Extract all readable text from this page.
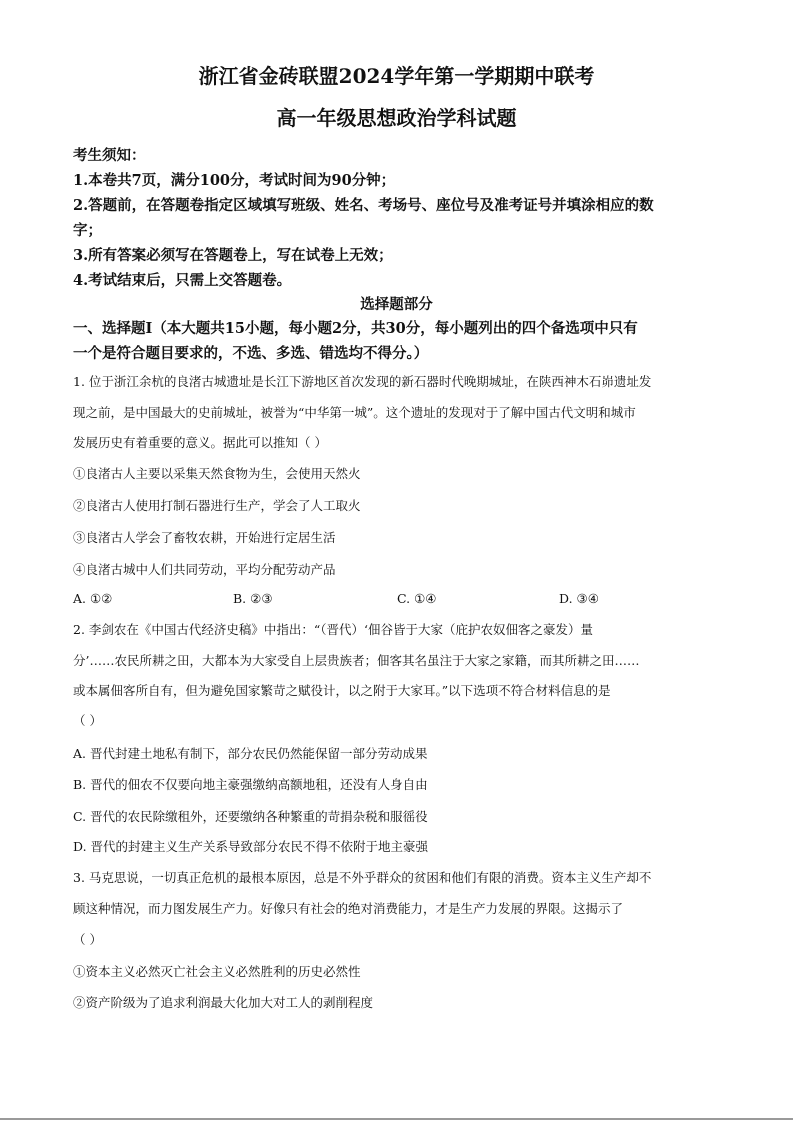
浙江省金砖联盟2024学年第一学期期中联考
高一年级思想政治学科试题
考生须知：
1.本卷共7页，满分100分，考试时间为90分钟；
2.答题前，在答题卷指定区域填写班级、姓名、考场号、座位号及准考证号并填涂相应的数
字；
3.所有答案必须写在答题卷上，写在试卷上无效；
4.考试结束后，只需上交答题卷。
选择题部分
一、选择题Ⅰ（本大题共15小题，每小题2分，共30分，每小题列出的四个备选项中只有
一个是符合题目要求的，不选、多选、错选均不得分。）
1. 位于浙江余杭的良渚古城遗址是长江下游地区首次发现的新石器时代晚期城址，在陕西神木石峁遗址发
现之前，是中国最大的史前城址，被誉为“中华第一城”。这个遗址的发现对于了解中国古代文明和城市
发展历史有着重要的意义。据此可以推知（ ）
①良渚古人主要以采集天然食物为生，会使用天然火
②良渚古人使用打制石器进行生产，学会了人工取火
③良渚古人学会了畜牧农耕，开始进行定居生活
④良渚古城中人们共同劳动，平均分配劳动产品
A. ①②	B. ②③	C. ①④	D. ③④
2. 李剑农在《中国古代经济史稿》中指出：“（晋代）‘佃谷皆于大家（庇护农奴佃客之豪发）量
分’……农民所耕之田，大都本为大家受自上层贵族者；佃客其名虽注于大家之家籍，而其所耕之田……
或本属佃客所自有，但为避免国家繁苛之赋役计，以之附于大家耳。”以下选项不符合材料信息的是
（ ）
A. 晋代封建土地私有制下，部分农民仍然能保留一部分劳动成果
B. 晋代的佃农不仅要向地主豪强缴纳高额地租，还没有人身自由
C. 晋代的农民除缴租外，还要缴纳各种繁重的苛捐杂税和服徭役
D. 晋代的封建主义生产关系导致部分农民不得不依附于地主豪强
3. 马克思说，一切真正危机的最根本原因，总是不外乎群众的贫困和他们有限的消费。资本主义生产却不
顾这种情况，而力图发展生产力。好像只有社会的绝对消费能力，才是生产力发展的界限。这揭示了
（ ）
①资本主义必然灭亡社会主义必然胜利的历史必然性
②资产阶级为了追求利润最大化加大对工人的剥削程度
